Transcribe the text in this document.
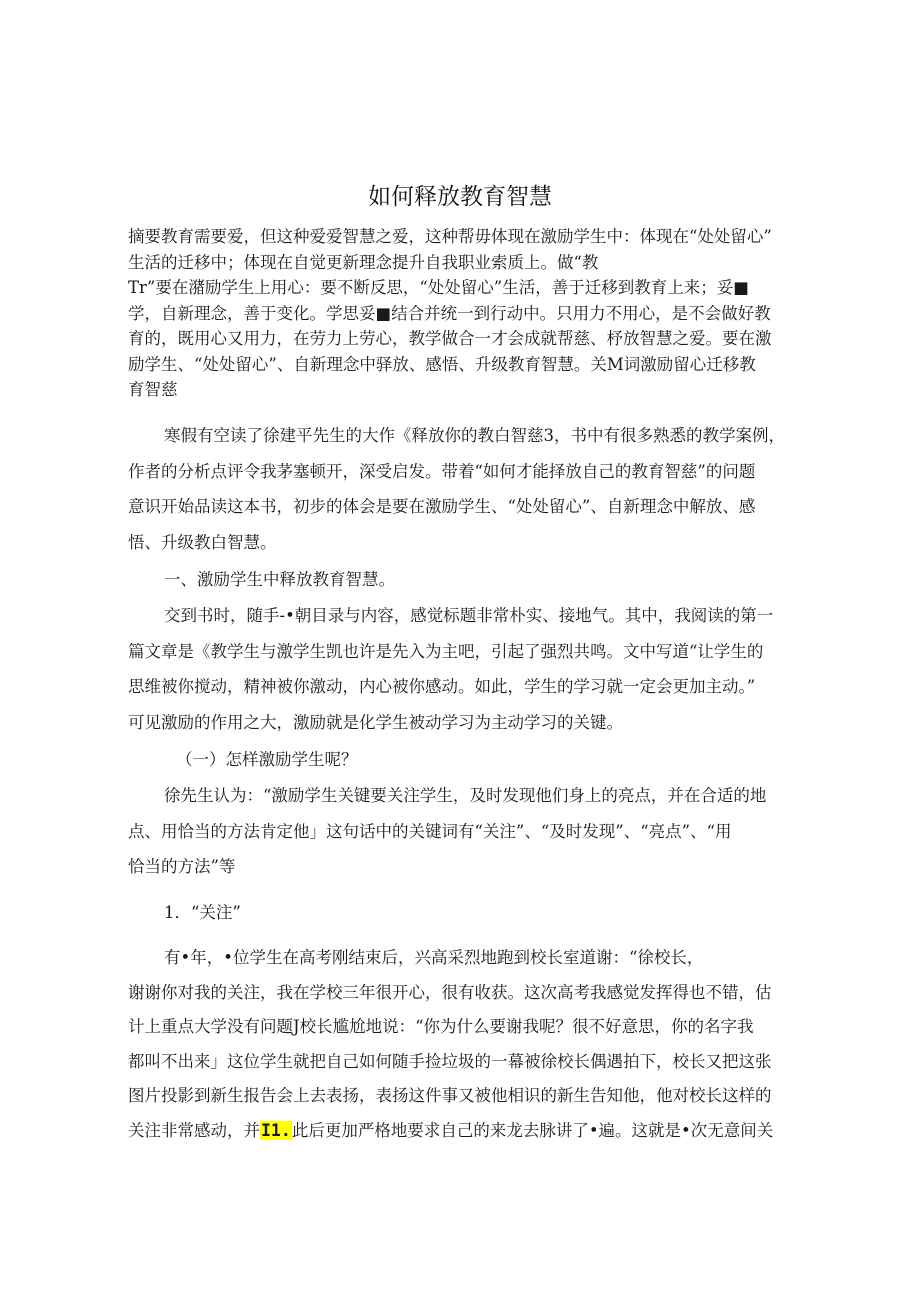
如何释放教育智慧

摘要教育需要爱，但这种爱爱智慧之爱，这种帮毋体现在激励学生中：体现在“处处留心”
生活的迁移中；体现在自觉更新理念提升自我职业索质上。做“教
Tr”要在潴励学生上用心：要不断反思，“处处留心”生活，善于迁移到教育上来；妥■
学，自新理念，善于变化。学思妥■结合并统一到行动中。只用力不用心，是不会做好教
育的，既用心又用力，在劳力上劳心，教学做合一才会成就帮慈、杼放智慧之爱。要在激
励学生、“处处留心”、自新理念中驿放、感悟、升级教育智慧。关M词激励留心迁移教
育智慈

寒假有空读了徐建平先生的大作《释放你的教白智慈3，书中有很多熟悉的教学案例，
作者的分析点评令我茅塞顿开，深受启发。带着“如何才能择放自己的教育智慈”的问题
意识开始品读这本书，初步的体会是要在激励学生、“处处留心”、自新理念中解放、感
悟、升级教白智慧。

一、激励学生中释放教育智慧。

交到书时，随手-•朝目录与内容，感觉标题非常朴实、接地气。其中，我阅读的第一
篇文章是《教学生与激学生凯也许是先入为主吧，引起了强烈共鸣。文中写道“让学生的
思维被你搅动，精神被你激动，内心被你感动。如此，学生的学习就一定会更加主动。”
可见激励的作用之大，激励就是化学生被动学习为主动学习的关键。

（一）怎样激励学生呢？

徐先生认为：“激励学生关键要关注学生，及时发现他们身上的亮点，并在合适的地
点、用恰当的方法肯定他」这句话中的关键词有“关注”、“及时发现”、“亮点”、“用
恰当的方法”等

1．“关注”

有•年，•位学生在高考刚结束后，兴高采烈地跑到校长室道谢：“徐校长，
谢谢你对我的关注，我在学校三年很开心，很有收获。这次高考我感觉发挥得也不错，估
计上重点大学没有问题J校长尴尬地说：“你为什么要谢我呢？很不好意思，你的名字我
都叫不出来」这位学生就把自己如何随手捡垃圾的一幕被徐校长偶遇拍下，校长又把这张
图片投影到新生报告会上去表扬，表扬这件事又被他相识的新生告知他，他对校长这样的
关注非常感动，并I1.此后更加严格地要求自己的来龙去脉讲了•遍。这就是•次无意间关
